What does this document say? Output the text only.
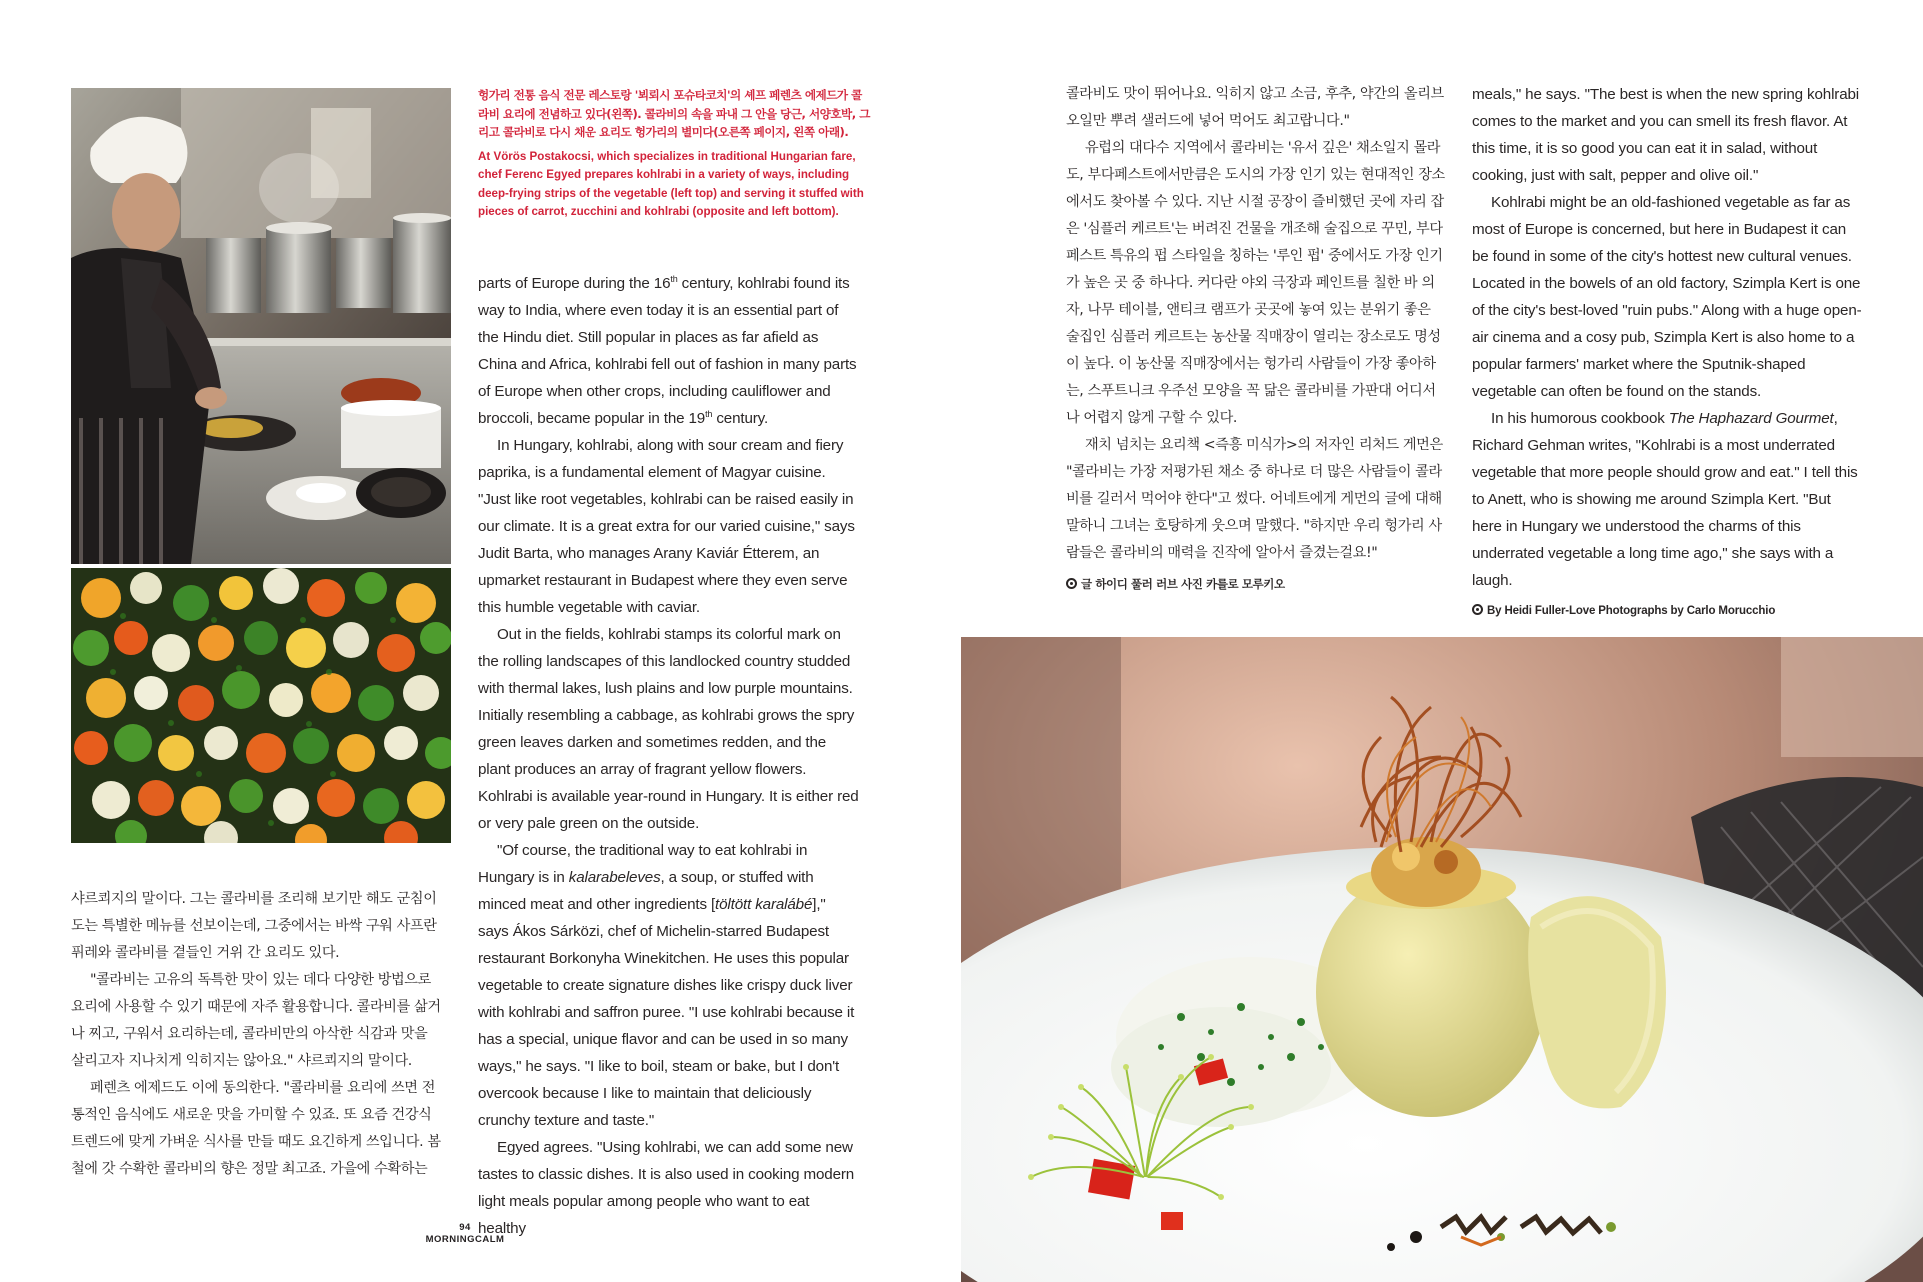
헝가리 전통 음식 전문 레스토랑 '뵈뢰시 포슈타코치'의 셰프 페렌츠 에제드가 콜라비 요리에 전념하고 있다(왼쪽). 콜라비의 속을 파내 그 안을 당근, 서양호박, 그리고 콜라비로 다시 채운 요리도 헝가리의 별미다(오른쪽 페이지, 왼쪽 아래).

At Vörös Postakocsi, which specializes in traditional Hungarian fare, chef Ferenc Egyed prepares kohlrabi in a variety of ways, including deep-frying strips of the vegetable (left top) and serving it stuffed with pieces of carrot, zucchini and kohlrabi (opposite and left bottom).

샤르쾨지의 말이다. 그는 콜라비를 조리해 보기만 해도 군침이 도는 특별한 메뉴를 선보이는데, 그중에서는 바싹 구워 사프란 퓌레와 콜라비를 곁들인 거위 간 요리도 있다.

"콜라비는 고유의 독특한 맛이 있는 데다 다양한 방법으로 요리에 사용할 수 있기 때문에 자주 활용합니다. 콜라비를 삶거나 찌고, 구워서 요리하는데, 콜라비만의 아삭한 식감과 맛을 살리고자 지나치게 익히지는 않아요." 샤르쾨지의 말이다.

페렌츠 에제드도 이에 동의한다. "콜라비를 요리에 쓰면 전통적인 음식에도 새로운 맛을 가미할 수 있죠. 또 요즘 건강식 트렌드에 맞게 가벼운 식사를 만들 때도 요긴하게 쓰입니다. 봄철에 갓 수확한 콜라비의 향은 정말 최고죠. 가을에 수확하는

parts of Europe during the 16th century, kohlrabi found its way to India, where even today it is an essential part of the Hindu diet. Still popular in places as far afield as China and Africa, kohlrabi fell out of fashion in many parts of Europe when other crops, including cauliflower and broccoli, became popular in the 19th century.

In Hungary, kohlrabi, along with sour cream and fiery paprika, is a fundamental element of Magyar cuisine. "Just like root vegetables, kohlrabi can be raised easily in our climate. It is a great extra for our varied cuisine," says Judit Barta, who manages Arany Kaviár Étterem, an upmarket restaurant in Budapest where they even serve this humble vegetable with caviar.

Out in the fields, kohlrabi stamps its colorful mark on the rolling landscapes of this landlocked country studded with thermal lakes, lush plains and low purple mountains. Initially resembling a cabbage, as kohlrabi grows the spry green leaves darken and sometimes redden, and the plant produces an array of fragrant yellow flowers. Kohlrabi is available year-round in Hungary. It is either red or very pale green on the outside.

"Of course, the traditional way to eat kohlrabi in Hungary is in kalarabeleves, a soup, or stuffed with minced meat and other ingredients [töltött karalábé]," says Ákos Sárközi, chef of Michelin-starred Budapest restaurant Borkonyha Winekitchen. He uses this popular vegetable to create signature dishes like crispy duck liver with kohlrabi and saffron puree. "I use kohlrabi because it has a special, unique flavor and can be used in so many ways," he says. "I like to boil, steam or bake, but I don't overcook because I like to maintain that deliciously crunchy texture and taste."

Egyed agrees. "Using kohlrabi, we can add some new tastes to classic dishes. It is also used in cooking modern light meals popular among people who want to eat healthy

94
MORNINGCALM

콜라비도 맛이 뛰어나요. 익히지 않고 소금, 후추, 약간의 올리브 오일만 뿌려 샐러드에 넣어 먹어도 최고랍니다."

유럽의 대다수 지역에서 콜라비는 '유서 깊은' 채소일지 몰라도, 부다페스트에서만큼은 도시의 가장 인기 있는 현대적인 장소에서도 찾아볼 수 있다. 지난 시절 공장이 즐비했던 곳에 자리 잡은 '심플러 케르트'는 버려진 건물을 개조해 술집으로 꾸민, 부다페스트 특유의 펍 스타일을 칭하는 '루인 펍' 중에서도 가장 인기가 높은 곳 중 하나다. 커다란 야외 극장과 페인트를 칠한 바 의자, 나무 테이블, 앤티크 램프가 곳곳에 놓여 있는 분위기 좋은 술집인 심플러 케르트는 농산물 직매장이 열리는 장소로도 명성이 높다. 이 농산물 직매장에서는 헝가리 사람들이 가장 좋아하는, 스푸트니크 우주선 모양을 꼭 닮은 콜라비를 가판대 어디서나 어렵지 않게 구할 수 있다.

재치 넘치는 요리책 <즉흥 미식가>의 저자인 리처드 게먼은 "콜라비는 가장 저평가된 채소 중 하나로 더 많은 사람들이 콜라비를 길러서 먹어야 한다"고 썼다. 어네트에게 게먼의 글에 대해 말하니 그녀는 호탕하게 웃으며 말했다. "하지만 우리 헝가리 사람들은 콜라비의 매력을 진작에 알아서 즐겼는걸요!"

글 하이디 풀러 러브 사진 카를로 모루키오

meals," he says. "The best is when the new spring kohlrabi comes to the market and you can smell its fresh flavor. At this time, it is so good you can eat it in salad, without cooking, just with salt, pepper and olive oil."

Kohlrabi might be an old-fashioned vegetable as far as most of Europe is concerned, but here in Budapest it can be found in some of the city's hottest new cultural venues. Located in the bowels of an old factory, Szimpla Kert is one of the city's best-loved "ruin pubs." Along with a huge open-air cinema and a cosy pub, Szimpla Kert is also home to a popular farmers' market where the Sputnik-shaped vegetable can often be found on the stands.

In his humorous cookbook The Haphazard Gourmet, Richard Gehman writes, "Kohlrabi is a most underrated vegetable that more people should grow and eat." I tell this to Anett, who is showing me around Szimpla Kert. "But here in Hungary we understood the charms of this underrated vegetable a long time ago," she says with a laugh.

By Heidi Fuller-Love Photographs by Carlo Morucchio
